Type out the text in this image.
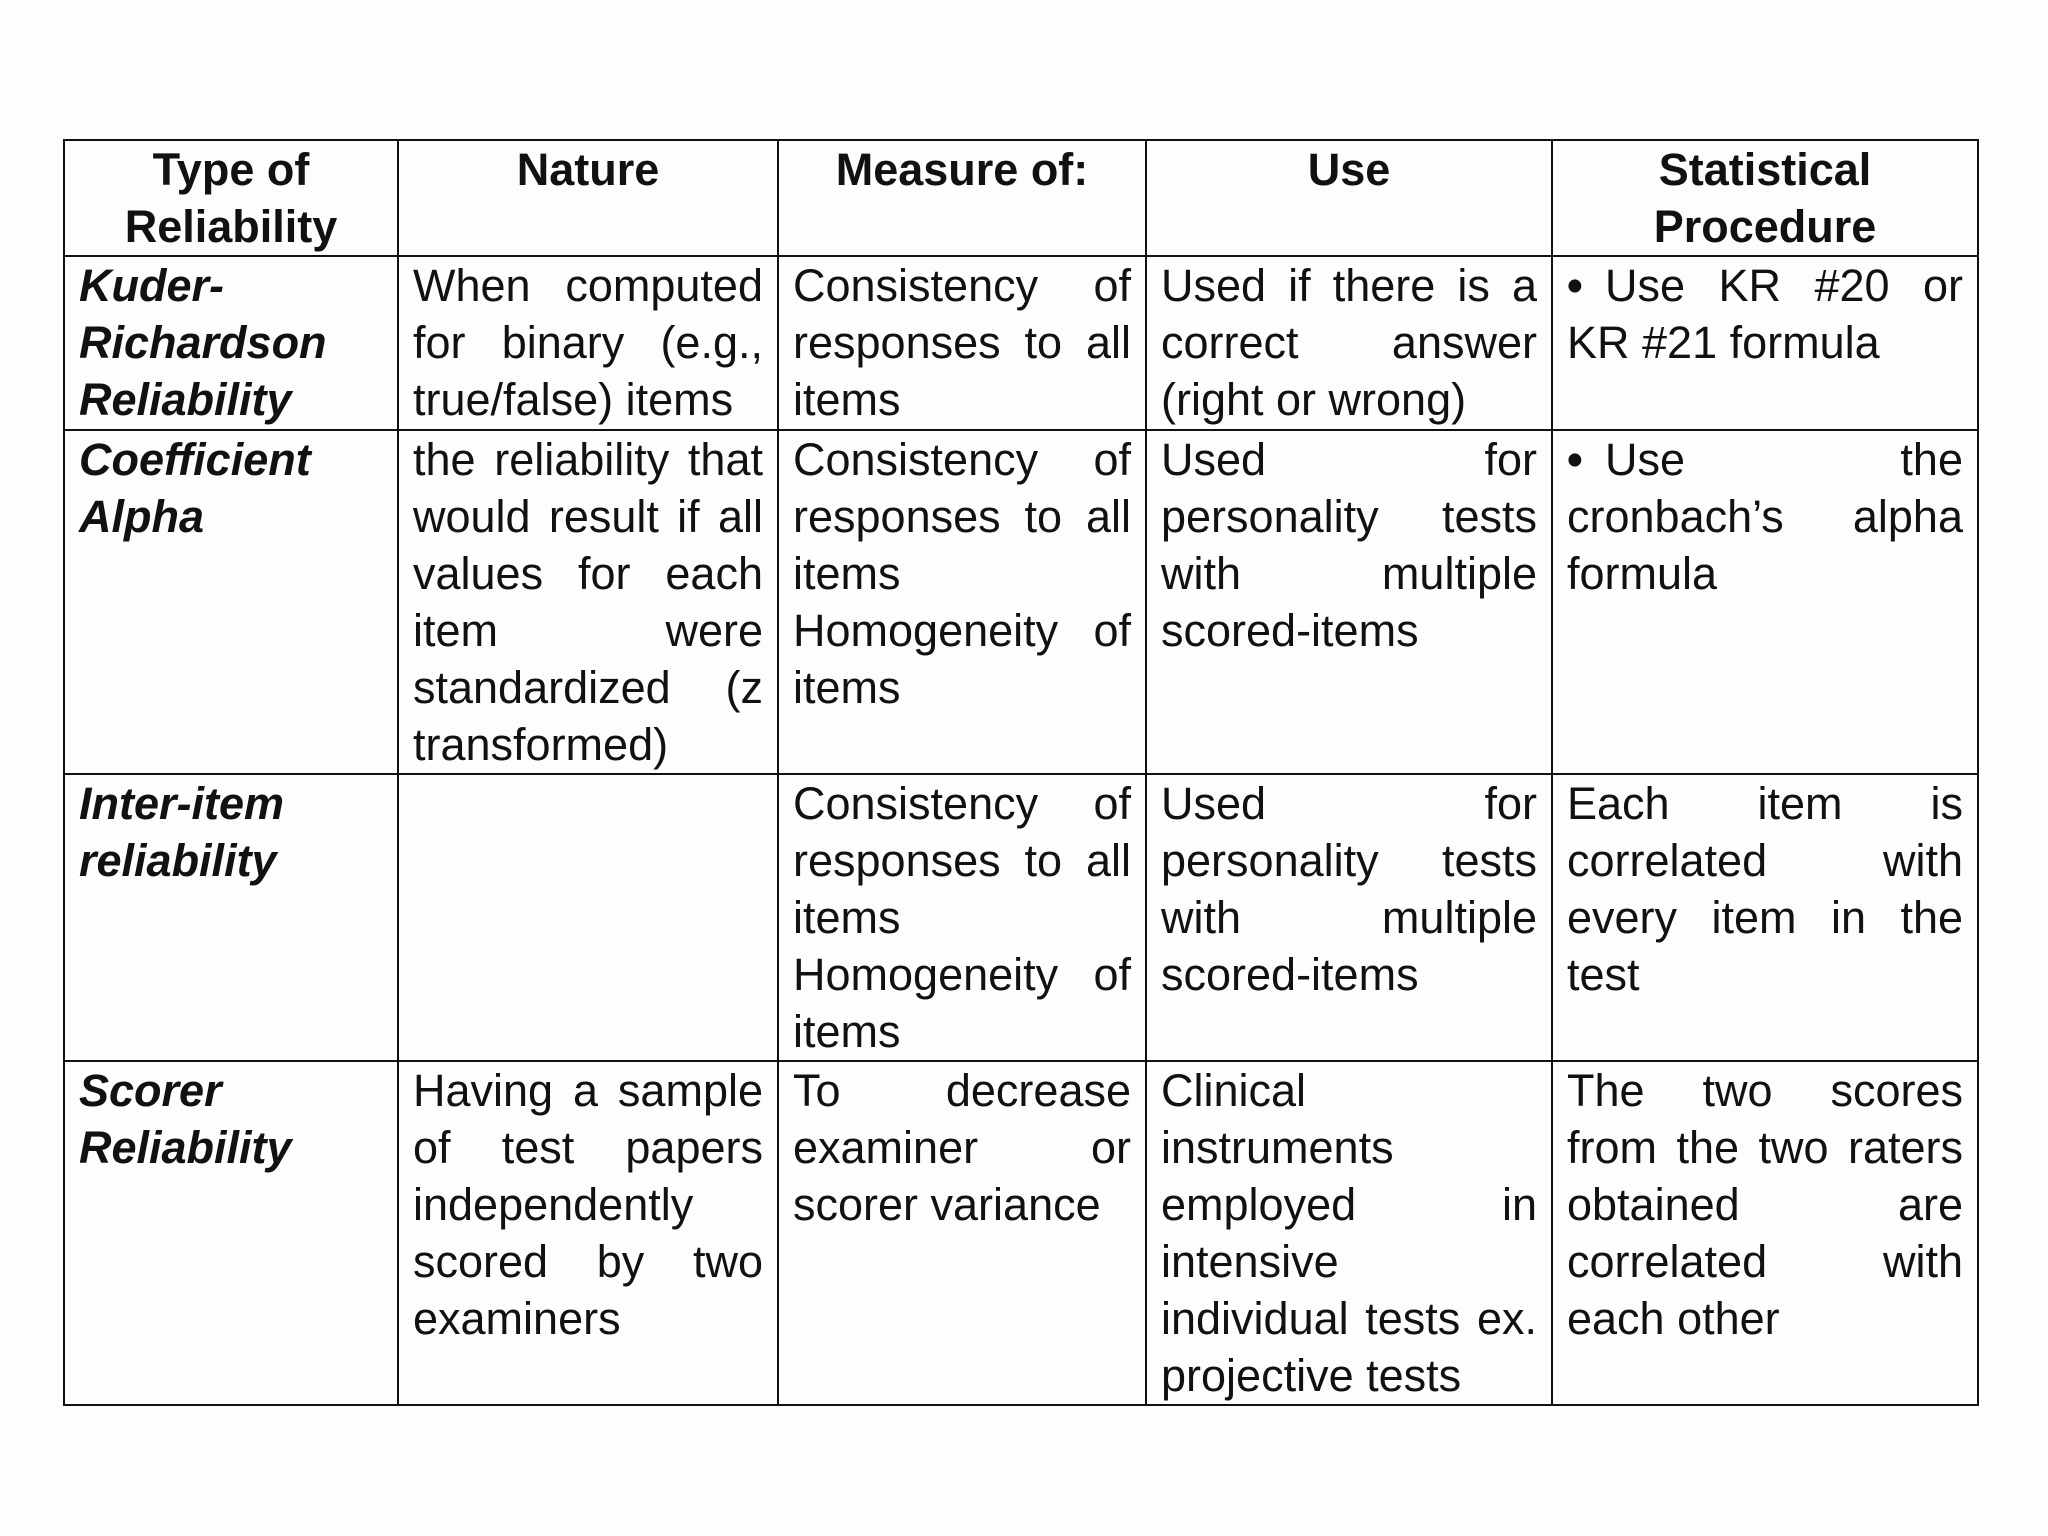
Type of Reliability	Nature	Measure of:	Use	Statistical Procedure
Kuder-Richardson Reliability	When computed for binary (e.g., true/false) items	Consistency of responses to all items	Used if there is a correct answer (right or wrong)	• Use KR #20 or KR #21 formula
Coefficient Alpha	the reliability that would result if all values for each item were standardized (z transformed)	Consistency of responses to all items Homogeneity of items	Used for personality tests with multiple scored-items	• Use the cronbach’s alpha formula
Inter-item reliability		Consistency of responses to all items Homogeneity of items	Used for personality tests with multiple scored-items	Each item is correlated with every item in the test
Scorer Reliability	Having a sample of test papers independently scored by two examiners	To decrease examiner or scorer variance	Clinical instruments employed in intensive individual tests ex. projective tests	The two scores from the two raters obtained are correlated with each other
